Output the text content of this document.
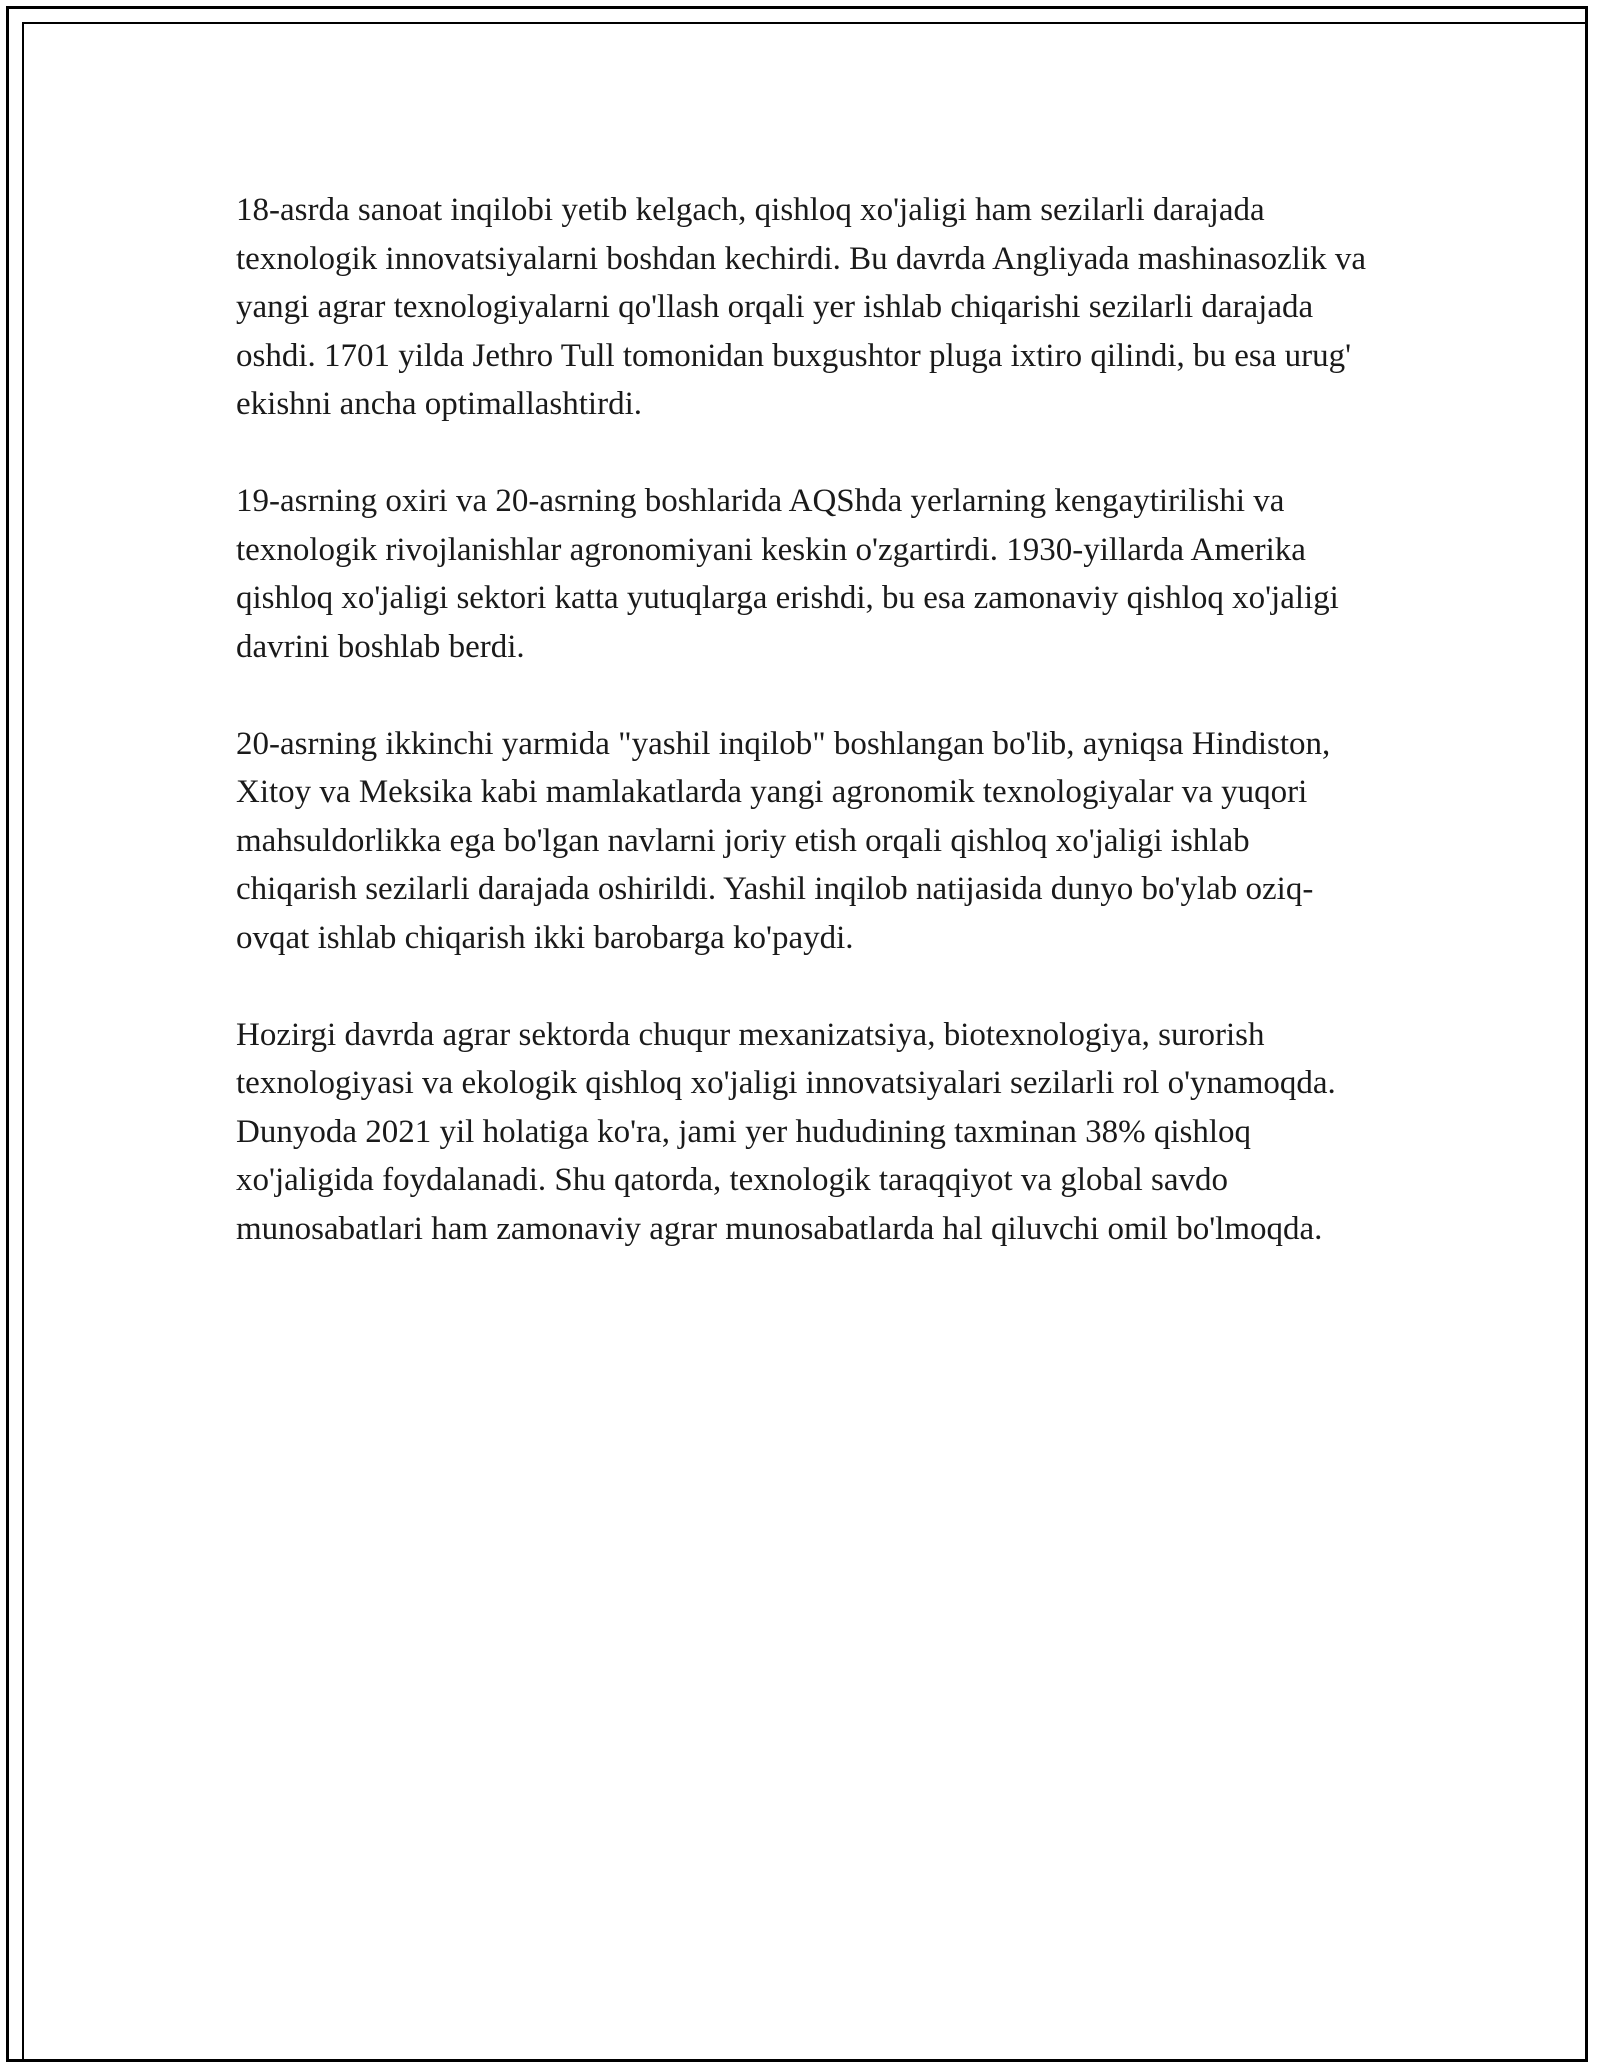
18-asrda sanoat inqilobi yetib kelgach, qishloq xo'jaligi ham sezilarli darajada texnologik innovatsiyalarni boshdan kechirdi. Bu davrda Angliyada mashinasozlik va yangi agrar texnologiyalarni qo'llash orqali yer ishlab chiqarishi sezilarli darajada oshdi. 1701 yilda Jethro Tull tomonidan buxgushtor pluga ixtiro qilindi, bu esa urug' ekishni ancha optimallashtirdi.

19-asrning oxiri va 20-asrning boshlarida AQShda yerlarning kengaytirilishi va texnologik rivojlanishlar agronomiyani keskin o'zgartirdi. 1930-yillarda Amerika qishloq xo'jaligi sektori katta yutuqlarga erishdi, bu esa zamonaviy qishloq xo'jaligi davrini boshlab berdi.

20-asrning ikkinchi yarmida "yashil inqilob" boshlangan bo'lib, ayniqsa Hindiston, Xitoy va Meksika kabi mamlakatlarda yangi agronomik texnologiyalar va yuqori mahsuldorlikka ega bo'lgan navlarni joriy etish orqali qishloq xo'jaligi ishlab chiqarish sezilarli darajada oshirildi. Yashil inqilob natijasida dunyo bo'ylab oziq-ovqat ishlab chiqarish ikki barobarga ko'paydi.

Hozirgi davrda agrar sektorda chuqur mexanizatsiya, biotexnologiya, surorish texnologiyasi va ekologik qishloq xo'jaligi innovatsiyalari sezilarli rol o'ynamoqda. Dunyoda 2021 yil holatiga ko'ra, jami yer hududining taxminan 38% qishloq xo'jaligida foydalanadi. Shu qatorda, texnologik taraqqiyot va global savdo munosabatlari ham zamonaviy agrar munosabatlarda hal qiluvchi omil bo'lmoqda.
